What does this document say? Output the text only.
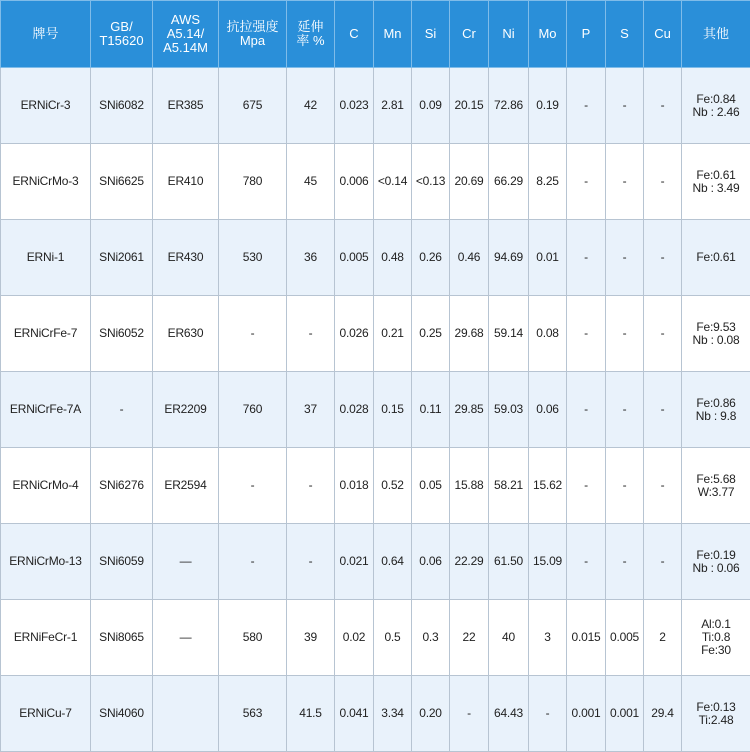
牌号	GB/
T15620	AWS
A5.14/
A5.14M	抗拉强度
Mpa	延伸
率 %	C	Mn	Si	Cr	Ni	Mo	P	S	Cu	其他
ERNiCr-3	SNi6082	ER385	675	42	0.023	2.81	0.09	20.15	72.86	0.19	-	-	-	Fe:0.84
Nb : 2.46
ERNiCrMo-3	SNi6625	ER410	780	45	0.006	<0.14	<0.13	20.69	66.29	8.25	-	-	-	Fe:0.61
Nb : 3.49
ERNi-1	SNi2061	ER430	530	36	0.005	0.48	0.26	0.46	94.69	0.01	-	-	-	Fe:0.61
ERNiCrFe-7	SNi6052	ER630	-	-	0.026	0.21	0.25	29.68	59.14	0.08	-	-	-	Fe:9.53
Nb : 0.08
ERNiCrFe-7A	-	ER2209	760	37	0.028	0.15	0.11	29.85	59.03	0.06	-	-	-	Fe:0.86
Nb : 9.8
ERNiCrMo-4	SNi6276	ER2594	-	-	0.018	0.52	0.05	15.88	58.21	15.62	-	-	-	Fe:5.68
W:3.77
ERNiCrMo-13	SNi6059	—	-	-	0.021	0.64	0.06	22.29	61.50	15.09	-	-	-	Fe:0.19
Nb : 0.06
ERNiFeCr-1	SNi8065	—	580	39	0.02	0.5	0.3	22	40	3	0.015	0.005	2	Al:0.1
Ti:0.8
Fe:30
ERNiCu-7	SNi4060		563	41.5	0.041	3.34	0.20	-	64.43	-	0.001	0.001	29.4	Fe:0.13
Ti:2.48
